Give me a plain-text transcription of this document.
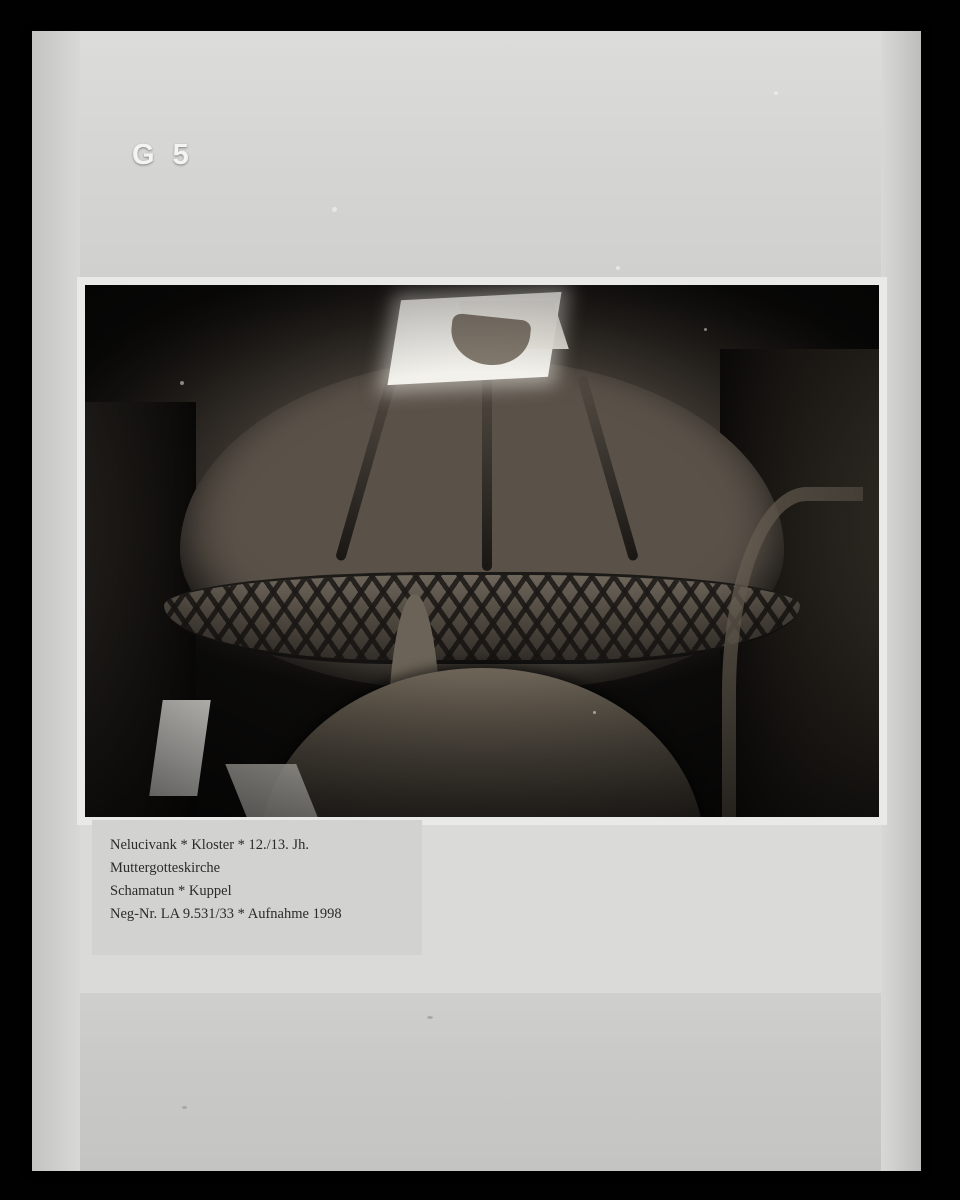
G 5
Nelucivank * Kloster * 12./13. Jh.
Muttergotteskirche
Schamatun * Kuppel
Neg-Nr. LA 9.531/33 * Aufnahme 1998
